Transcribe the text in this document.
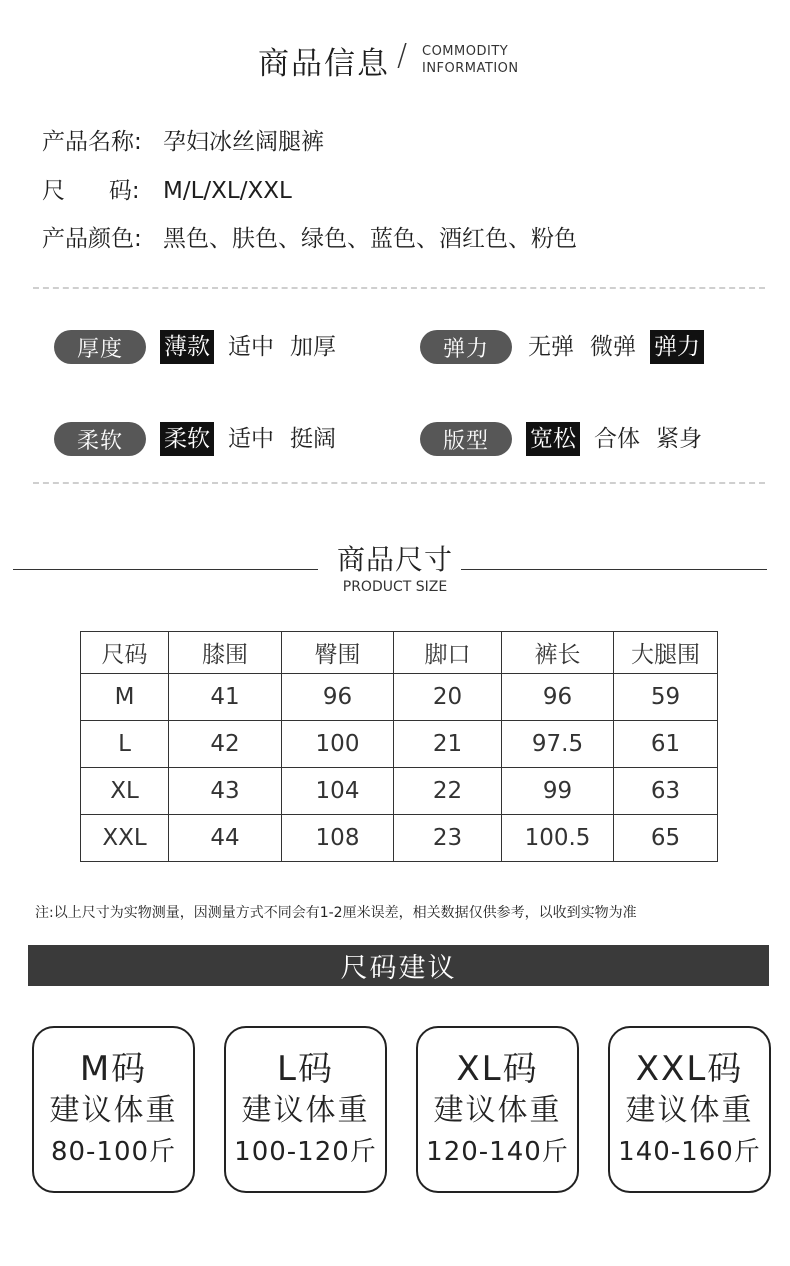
商品信息 / COMMODITY
INFORMATION
产品名称: 孕妇冰丝阔腿裤
尺      码: M/L/XL/XXL
产品颜色: 黑色、肤色、绿色、蓝色、酒红色、粉色
厚度	薄款 适中 加厚	弹力	无弹 微弹 弹力
柔软	柔软 适中 挺阔	版型	宽松 合体 紧身
商品尺寸
PRODUCT SIZE
尺码	膝围	臀围	脚口	裤长	大腿围
M	41	96	20	96	59
L	42	100	21	97.5	61
XL	43	104	22	99	63
XXL	44	108	23	100.5	65
注:以上尺寸为实物测量，因测量方式不同会有1-2厘米误差，相关数据仅供参考，以收到实物为准
尺码建议
M码
建议体重
80-100斤
L码
建议体重
100-120斤
XL码
建议体重
120-140斤
XXL码
建议体重
140-160斤
